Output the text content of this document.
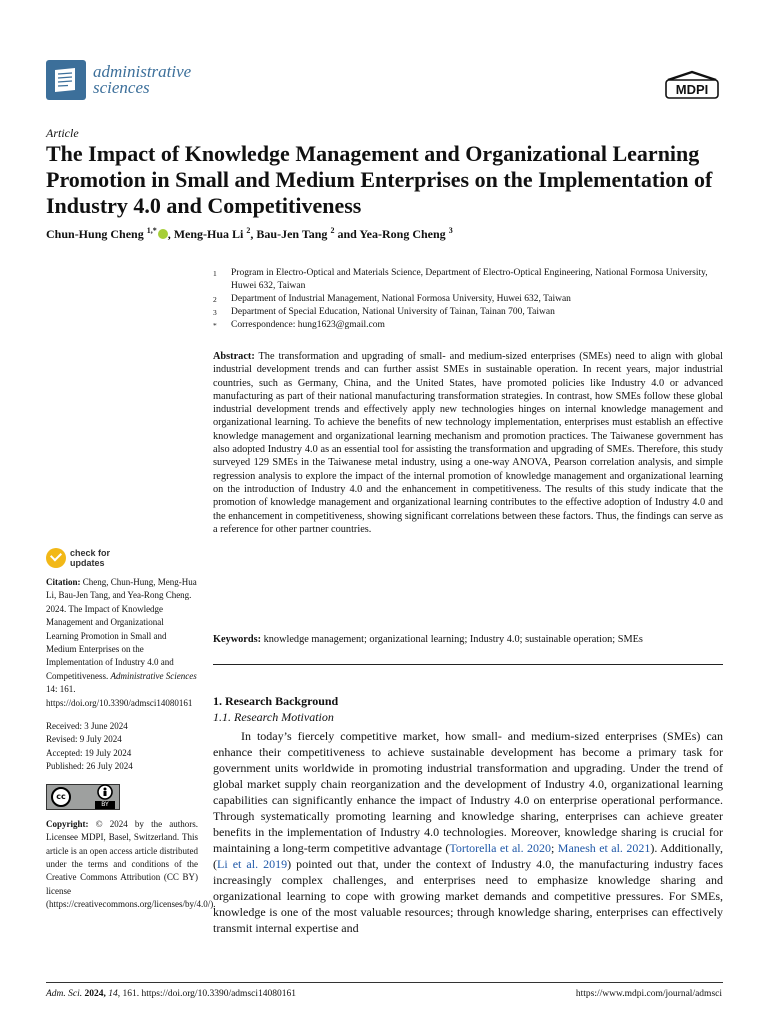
administrative
sciences	MDPI
Article
The Impact of Knowledge Management and Organizational Learning Promotion in Small and Medium Enterprises on the Implementation of Industry 4.0 and Competitiveness
Chun-Hung Cheng $^{1,*}$ , Meng-Hua Li $^2$, Bau-Jen Tang $^2$ and Yea-Rong Cheng $^3$
1 Program in Electro-Optical and Materials Science, Department of Electro-Optical Engineering, National Formosa University, Huwei 632, Taiwan
2 Department of Industrial Management, National Formosa University, Huwei 632, Taiwan
3 Department of Special Education, National University of Tainan, Tainan 700, Taiwan
* Correspondence: hung1623@gmail.com
Abstract: The transformation and upgrading of small- and medium-sized enterprises (SMEs) need to align with global industrial development trends and can further assist SMEs in sustainable operation. In recent years, major industrial countries, such as Germany, China, and the United States, have promoted policies like Industry 4.0 or advanced manufacturing as part of their national manufacturing transformation strategies. In contrast, how SMEs follow these global industrial development trends and effectively apply new technologies hinges on internal knowledge management and organizational learning. To achieve the benefits of new technology implementation, enterprises must establish an effective knowledge management and organizational learning mechanism and promotion practices. The Taiwanese government has also adopted Industry 4.0 as an essential tool for assisting the transformation and upgrading of SMEs. Therefore, this study surveyed 129 SMEs in the Taiwanese metal industry, using a one-way ANOVA, Pearson correlation analysis, and simple regression analysis to explore the impact of the internal promotion of knowledge management and organizational learning on the introduction of Industry 4.0 and the enhancement in competitiveness. The results of this study indicate that the promotion of knowledge management and organizational learning contributes to the effective adoption of Industry 4.0 and the enhancement in competitiveness, showing significant correlations between these factors. Thus, the findings can serve as a reference for other partner countries.
Keywords: knowledge management; organizational learning; Industry 4.0; sustainable operation; SMEs
check for
updates
Citation: Cheng, Chun-Hung, Meng-Hua Li, Bau-Jen Tang, and Yea-Rong Cheng. 2024. The Impact of Knowledge Management and Organizational Learning Promotion in Small and Medium Enterprises on the Implementation of Industry 4.0 and Competitiveness. Administrative Sciences 14: 161. https://doi.org/10.3390/admsci14080161
Received: 3 June 2024
Revised: 9 July 2024
Accepted: 19 July 2024
Published: 26 July 2024
cc
BY
Copyright: © 2024 by the authors. Licensee MDPI, Basel, Switzerland. This article is an open access article distributed under the terms and conditions of the Creative Commons Attribution (CC BY) license (https://creativecommons.org/licenses/by/4.0/).
1. Research Background
1.1. Research Motivation
In today’s fiercely competitive market, how small- and medium-sized enterprises (SMEs) can enhance their competitiveness to achieve sustainable development has become a primary task for government units worldwide in promoting industrial transformation and upgrading. Under the trend of global market supply chain reorganization and the development of Industry 4.0, organizational learning capabilities can significantly enhance the impact of Industry 4.0 on enterprise operational performance. Through systematically promoting learning and knowledge sharing, enterprises can achieve greater benefits in the implementation of Industry 4.0 technologies. Moreover, knowledge sharing is crucial for maintaining a long-term competitive advantage (Tortorella et al. 2020; Manesh et al. 2021). Additionally, (Li et al. 2019) pointed out that, under the context of Industry 4.0, the manufacturing industry faces increasingly complex challenges, and enterprises need to emphasize knowledge sharing and organizational learning to cope with growing market demands and competitive pressures. For SMEs, knowledge is one of the most valuable resources; through knowledge sharing, enterprises can effectively transmit internal expertise and
Adm. Sci. 2024, 14, 161. https://doi.org/10.3390/admsci14080161	https://www.mdpi.com/journal/admsci
